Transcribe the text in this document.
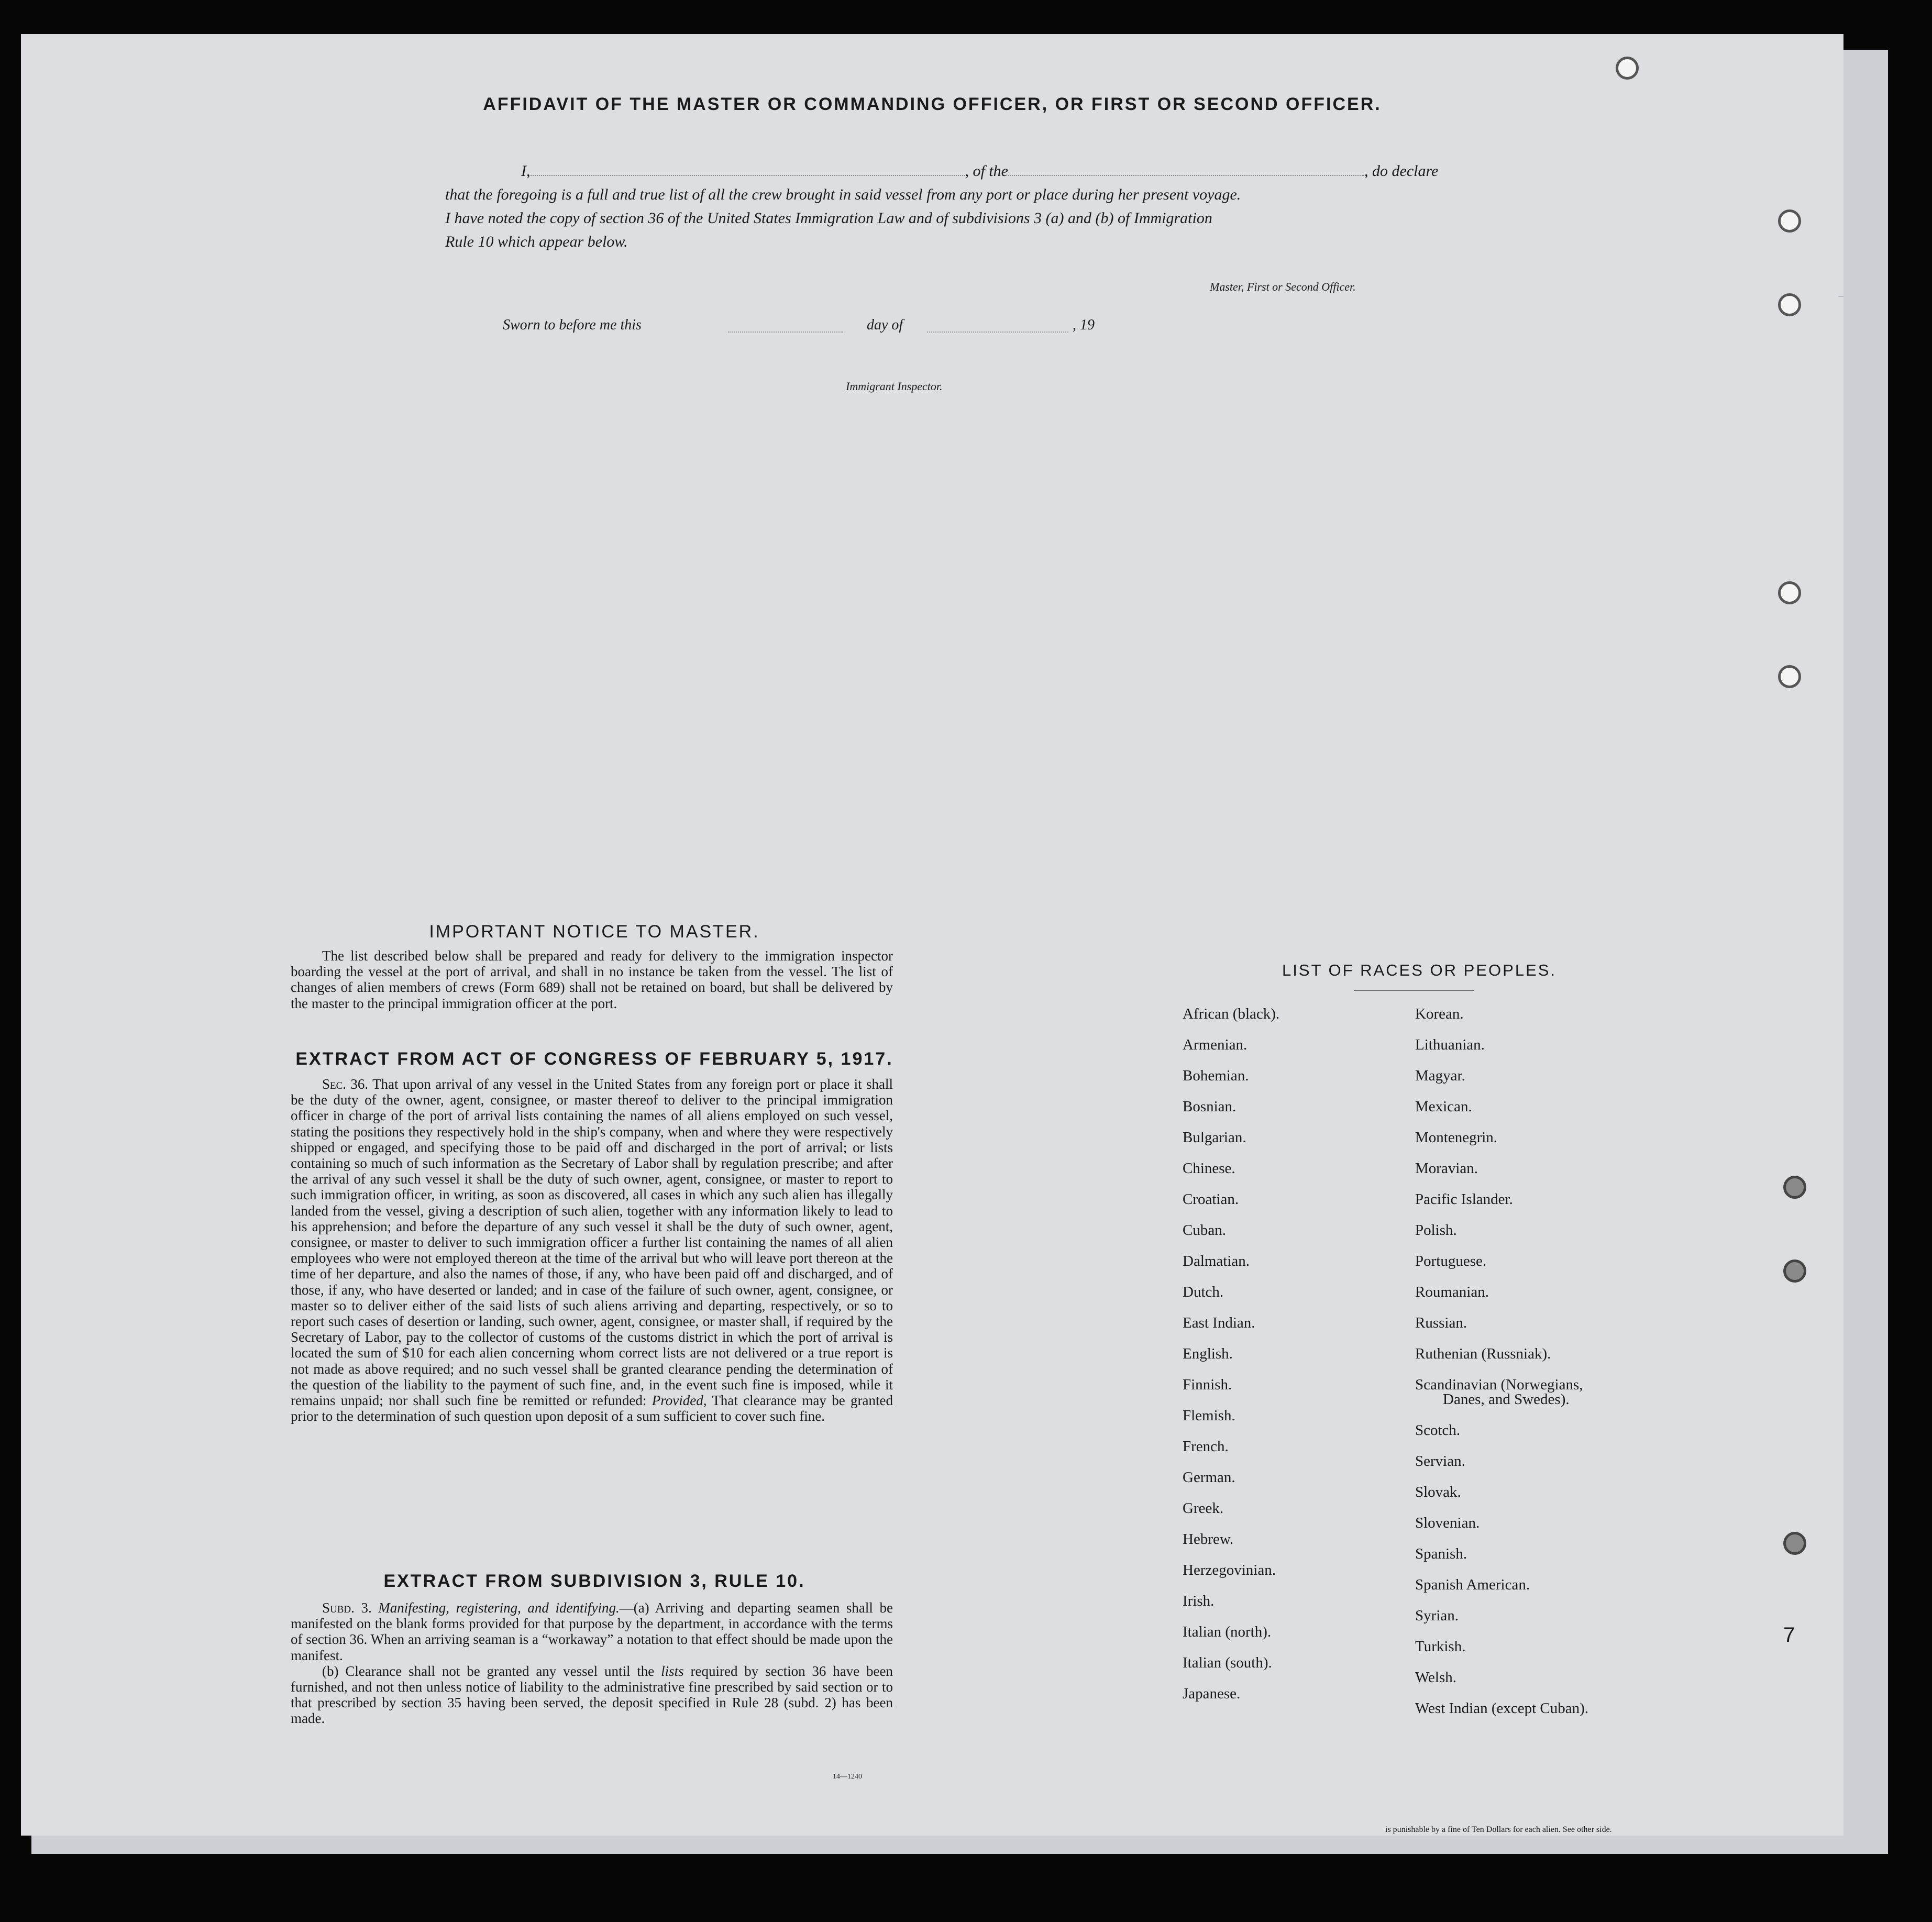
AFFIDAVIT OF THE MASTER OR COMMANDING OFFICER, OR FIRST OR SECOND OFFICER.
I,	, of the	, do declare
that the foregoing is a full and true list of all the crew brought in said vessel from any port or place during her present voyage.
I have noted the copy of section 36 of the United States Immigration Law and of subdivisions 3 (a) and (b) of Immigration
Rule 10 which appear below.
Master, First or Second Officer.
Sworn to before me this	day of	, 19
Immigrant Inspector.
IMPORTANT NOTICE TO MASTER.
The list described below shall be prepared and ready for delivery to the immigration inspector boarding the vessel at the port of arrival, and shall in no instance be taken from the vessel. The list of changes of alien members of crews (Form 689) shall not be retained on board, but shall be delivered by the master to the principal immigration officer at the port.
EXTRACT FROM ACT OF CONGRESS OF FEBRUARY 5, 1917.
Sec. 36. That upon arrival of any vessel in the United States from any foreign port or place it shall be the duty of the owner, agent, consignee, or master thereof to deliver to the principal immigration officer in charge of the port of arrival lists containing the names of all aliens employed on such vessel, stating the positions they respectively hold in the ship's company, when and where they were respectively shipped or engaged, and specifying those to be paid off and discharged in the port of arrival; or lists containing so much of such information as the Secretary of Labor shall by regulation prescribe; and after the arrival of any such vessel it shall be the duty of such owner, agent, consignee, or master to report to such immigration officer, in writing, as soon as discovered, all cases in which any such alien has illegally landed from the vessel, giving a description of such alien, together with any information likely to lead to his apprehension; and before the departure of any such vessel it shall be the duty of such owner, agent, consignee, or master to deliver to such immigration officer a further list containing the names of all alien employees who were not employed thereon at the time of the arrival but who will leave port thereon at the time of her departure, and also the names of those, if any, who have been paid off and discharged, and of those, if any, who have deserted or landed; and in case of the failure of such owner, agent, consignee, or master so to deliver either of the said lists of such aliens arriving and departing, respectively, or so to report such cases of desertion or landing, such owner, agent, consignee, or master shall, if required by the Secretary of Labor, pay to the collector of customs of the customs district in which the port of arrival is located the sum of $10 for each alien concerning whom correct lists are not delivered or a true report is not made as above required; and no such vessel shall be granted clearance pending the determination of the question of the liability to the payment of such fine, and, in the event such fine is imposed, while it remains unpaid; nor shall such fine be remitted or refunded: Provided, That clearance may be granted prior to the determination of such question upon deposit of a sum sufficient to cover such fine.
EXTRACT FROM SUBDIVISION 3, RULE 10.
Subd. 3. Manifesting, registering, and identifying.—(a) Arriving and departing seamen shall be manifested on the blank forms provided for that purpose by the department, in accordance with the terms of section 36. When an arriving seaman is a “workaway” a notation to that effect should be made upon the manifest.
(b) Clearance shall not be granted any vessel until the lists required by section 36 have been furnished, and not then unless notice of liability to the administrative fine prescribed by said section or to that prescribed by section 35 having been served, the deposit specified in Rule 28 (subd. 2) has been made.
14—1240
LIST OF RACES OR PEOPLES.
African (black).
Armenian.
Bohemian.
Bosnian.
Bulgarian.
Chinese.
Croatian.
Cuban.
Dalmatian.
Dutch.
East Indian.
English.
Finnish.
Flemish.
French.
German.
Greek.
Hebrew.
Herzegovinian.
Irish.
Italian (north).
Italian (south).
Japanese.
Korean.
Lithuanian.
Magyar.
Mexican.
Montenegrin.
Moravian.
Pacific Islander.
Polish.
Portuguese.
Roumanian.
Russian.
Ruthenian (Russniak).
Scandinavian (Norwegians,
Danes, and Swedes).
Scotch.
Servian.
Slovak.
Slovenian.
Spanish.
Spanish American.
Syrian.
Turkish.
Welsh.
West Indian (except Cuban).
7
is punishable by a fine of Ten Dollars for each alien. See other side.
